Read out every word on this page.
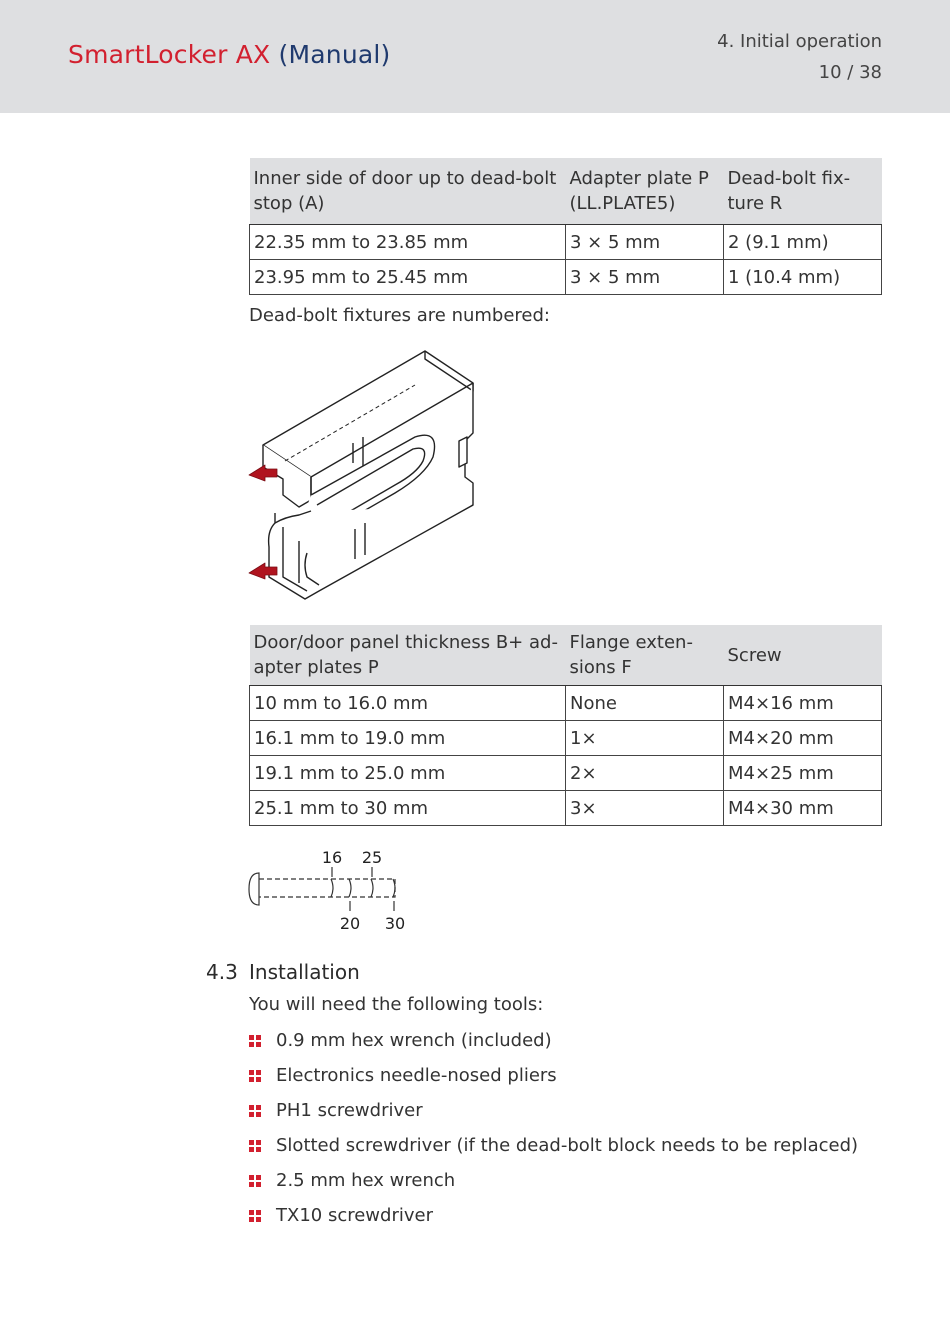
SmartLocker AX (Manual)	4. Initial operation
10 / 38
Inner side of door up to dead-bolt stop (A)	Adapter plate P (LL.PLATE5)	Dead-bolt fix- ture R
22.35 mm to 23.85 mm	3 × 5 mm	2 (9.1 mm)
23.95 mm to 25.45 mm	3 × 5 mm	1 (10.4 mm)
Dead-bolt fixtures are numbered:
Door/door panel thickness B+ ad- apter plates P	Flange exten- sions F	Screw
10 mm to 16.0 mm	None	M4×16 mm
16.1 mm to 19.0 mm	1×	M4×20 mm
19.1 mm to 25.0 mm	2×	M4×25 mm
25.1 mm to 30 mm	3×	M4×30 mm
16 25
20 30
4.3 Installation
You will need the following tools:
0.9 mm hex wrench (included)
Electronics needle-nosed pliers
PH1 screwdriver
Slotted screwdriver (if the dead-bolt block needs to be replaced)
2.5 mm hex wrench
TX10 screwdriver
